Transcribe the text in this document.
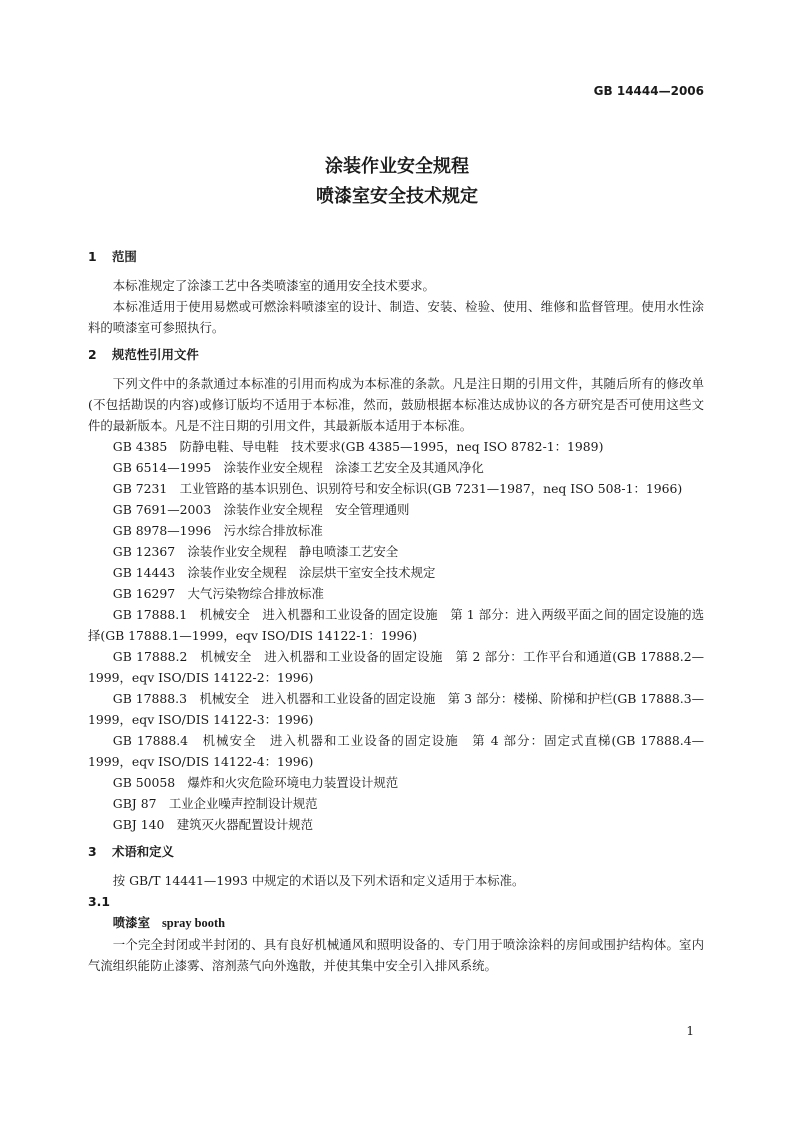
GB 14444—2006
涂装作业安全规程
喷漆室安全技术规定
1 范围

本标准规定了涂漆工艺中各类喷漆室的通用安全技术要求。

本标准适用于使用易燃或可燃涂料喷漆室的设计、制造、安装、检验、使用、维修和监督管理。使用水性涂料的喷漆室可参照执行。

2 规范性引用文件

下列文件中的条款通过本标准的引用而构成为本标准的条款。凡是注日期的引用文件，其随后所有的修改单(不包括勘误的内容)或修订版均不适用于本标准，然而，鼓励根据本标准达成协议的各方研究是否可使用这些文件的最新版本。凡是不注日期的引用文件，其最新版本适用于本标准。

GB 4385　 防静电鞋、导电鞋　技术要求(GB 4385—1995，neq ISO 8782-1：1989)

GB 6514—1995　 涂装作业安全规程　涂漆工艺安全及其通风净化

GB 7231　 工业管路的基本识别色、识别符号和安全标识(GB 7231—1987，neq ISO 508-1：1966)

GB 7691—2003　 涂装作业安全规程　安全管理通则

GB 8978—1996　 污水综合排放标准

GB 12367　 涂装作业安全规程　静电喷漆工艺安全

GB 14443　 涂装作业安全规程　涂层烘干室安全技术规定

GB 16297　 大气污染物综合排放标准

GB 17888.1　机械安全　进入机器和工业设备的固定设施　第 1 部分：进入两级平面之间的固定设施的选择(GB 17888.1—1999，eqv ISO/DIS 14122-1：1996)

GB 17888.2　机械安全　进入机器和工业设备的固定设施　第 2 部分：工作平台和通道(GB 17888.2—1999，eqv ISO/DIS 14122-2：1996)

GB 17888.3　机械安全　进入机器和工业设备的固定设施　第 3 部分：楼梯、阶梯和护栏(GB 17888.3—1999，eqv ISO/DIS 14122-3：1996)

GB 17888.4　机械安全　进入机器和工业设备的固定设施　第 4 部分：固定式直梯(GB 17888.4—1999，eqv ISO/DIS 14122-4：1996)

GB 50058　 爆炸和火灾危险环境电力装置设计规范

GBJ 87　 工业企业噪声控制设计规范

GBJ 140　 建筑灭火器配置设计规范

3 术语和定义

按 GB/T 14441—1993 中规定的术语以及下列术语和定义适用于本标准。

3.1

喷漆室 spray booth

一个完全封闭或半封闭的、具有良好机械通风和照明设备的、专门用于喷涂涂料的房间或围护结构体。室内气流组织能防止漆雾、溶剂蒸气向外逸散，并使其集中安全引入排风系统。

1
